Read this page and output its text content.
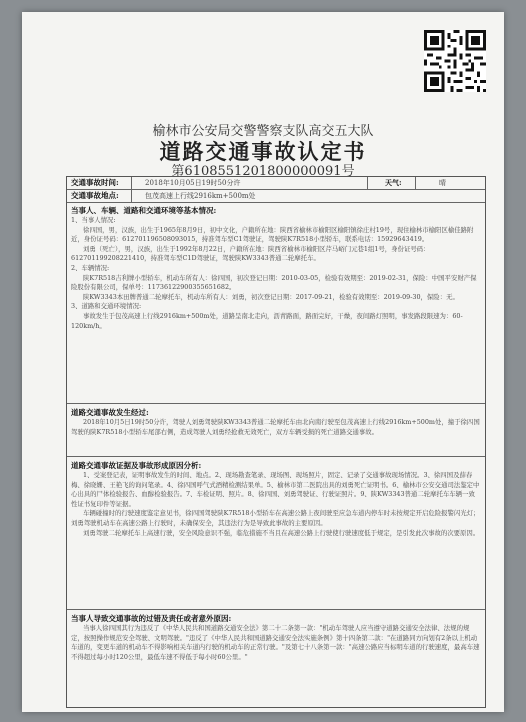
榆林市公安局交警警察支队高交五大队
道路交通事故认定书
第6108551201800000091号
交通事故时间:	2018年10月05日19时50分许	天气:	晴
交通事故地点:	包茂高速上行线2916km+500m处
当事人、车辆、道路和交通环境等基本情况:

1、当事人情况:

徐四国，男，汉族，出生于1965年8月9日，初中文化，户籍所在地：陕西省榆林市榆阳区榆阳镇徐庄村19号，现住榆林市榆阳区榆佳路附近，身份证号码：612701196508093015，持准驾车型C1驾驶证，驾驶陕K7R518小型轿车，联系电话：15929643419。

刘勇（死亡），男，汉族，出生于1992年8月22日，户籍所在地：陕西省榆林市榆阳区芹马峪门元巷1组1号，身份证号码：612701199208221410，持准驾车型C1D驾驶证，驾驶陕KW3343普通二轮摩托车。

2、车辆情况:

陕K7R518吉利牌小型轿车，机动车所有人：徐四国，初次登记日期：2010-03-05，检验有效期至：2019-02-31，保险：中国平安财产保险股份有限公司，保单号：11736122900355651682。

陕KW3343本田牌普通二轮摩托车，机动车所有人：刘勇，初次登记日期：2017-09-21，检验有效期至：2019-09-30，保险：无。

3、道路和交通环境情况:

事故发生于包茂高速上行线2916km+500m处，道路呈南北走向，沥青路面，路面完好，干燥，夜间路灯照明，事发路段限速为：60-120km/h。

道路交通事故发生经过:

2018年10月5日19时50分许，驾驶人刘勇驾驶陕KW3343普通二轮摩托车由北向南行驶至包茂高速上行线2916km+500m处，撞于徐四国驾驶的陕K7R518小型轿车尾部右侧，造成驾驶人刘勇经抢救无效死亡，双方车辆受损的死亡道路交通事故。

道路交通事故证据及事故形成原因分析:

1、受案登记表，证明事故发生的时间、地点。2、现场勘查笔录、现场图、现场照片，固定、记录了交通事故现场情况。3、徐四国及薛春梅、徐晓姗、王艳飞的询问笔录。4、徐四国呼气式酒精检测结果单。5、榆林市第二医院出具的刘勇死亡证明书。6、榆林市公安交通司法鉴定中心出具的尸体检验报告、血醇检验报告。7、车检证明、照片。8、徐四国、刘勇驾驶证、行驶证照片。9、陕KW3343普通二轮摩托车车辆一致性证书复印件等证据。

车辆碰撞时的行驶速度鉴定意见书，徐四国驾驶陕K7R518小型轿车在高速公路上夜间驶至应急车道内停车时未按规定开启危险报警闪光灯；刘勇驾驶机动车在高速公路上行驶时，未确保安全，其违法行为是导致此事故的主要原因。

刘勇驾驶二轮摩托车上高速行驶，安全风险意识不强，临危措施不当且在高速公路上行驶使行驶速度低于规定，是引发此次事故的次要原因。

当事人导致交通事故的过错及责任或者意外原因:

当事人徐四国其行为违反了《中华人民共和国道路交通安全法》第二十二条第一款："机动车驾驶人应当遵守道路交通安全法律、法规的规定，按照操作规范安全驾驶、文明驾驶。"违反了《中华人民共和国道路交通安全法实施条例》第十四条第二款："在道路同方向划有2条以上机动车道的，变更车道的机动车不得影响相关车道内行驶的机动车的正常行驶。"及第七十八条第一款："高速公路应当标明车道的行驶速度，最高车速不得超过每小时120公里，最低车速不得低于每小时60公里。"
